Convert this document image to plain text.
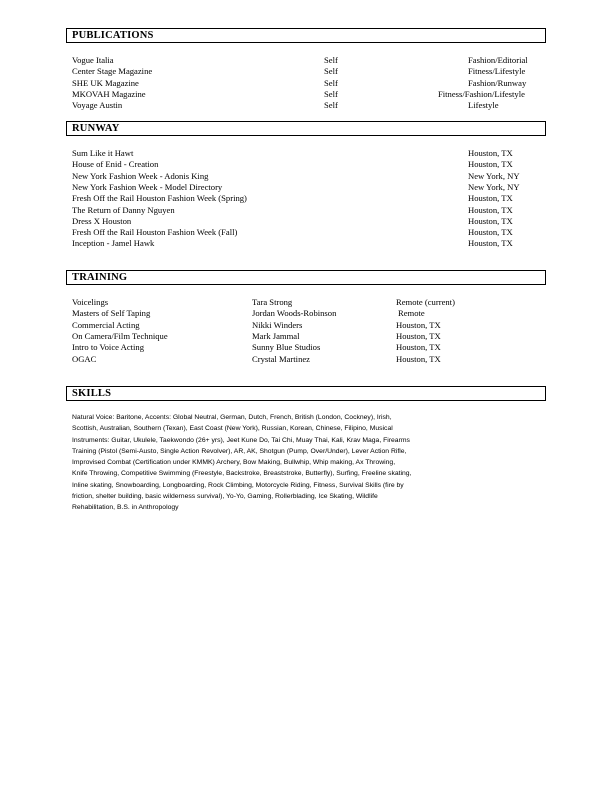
PUBLICATIONS
Vogue Italia	Self	Fashion/Editorial
Center Stage Magazine	Self	Fitness/Lifestyle
SHE UK Magazine	Self	Fashion/Runway
MKOVAH Magazine	Self	Fitness/Fashion/Lifestyle
Voyage Austin	Self	Lifestyle
RUNWAY
Sum Like it Hawt	Houston, TX
House of Enid - Creation	Houston, TX
New York Fashion Week - Adonis King	New York, NY
New York Fashion Week - Model Directory	New York, NY
Fresh Off the Rail Houston Fashion Week (Spring)	Houston, TX
The Return of Danny Nguyen	Houston, TX
Dress X Houston	Houston, TX
Fresh Off the Rail Houston Fashion Week (Fall)	Houston, TX
Inception - Jamel Hawk	Houston, TX
TRAINING
Voicelings	Tara Strong	Remote (current)
Masters of Self Taping	Jordan Woods-Robinson	Remote
Commercial Acting	Nikki Winders	Houston, TX
On Camera/Film Technique	Mark Jammal	Houston, TX
Intro to Voice Acting	Sunny Blue Studios	Houston, TX
OGAC	Crystal Martinez	Houston, TX
SKILLS
Natural Voice: Baritone, Accents: Global Neutral, German, Dutch, French, British (London, Cockney), Irish,
Scottish, Australian, Southern (Texan), East Coast (New York), Russian, Korean, Chinese, Filipino, Musical
Instruments: Guitar, Ukulele, Taekwondo (26+ yrs), Jeet Kune Do, Tai Chi, Muay Thai, Kali, Krav Maga, Firearms
Training (Pistol (Semi-Austo, Single Action Revolver), AR, AK, Shotgun (Pump, Over/Under), Lever Action Rifle,
Improvised Combat (Certification under KMMK) Archery, Bow Making, Bullwhip, Whip making, Ax Throwing,
Knife Throwing, Competitive Swimming (Freestyle, Backstroke, Breaststroke, Butterfly), Surfing, Freeline skating,
Inline skating, Snowboarding, Longboarding, Rock Climbing, Motorcycle Riding, Fitness, Survival Skills (fire by
friction, shelter building, basic wilderness survival), Yo-Yo, Gaming, Rollerblading, Ice Skating, Wildlife
Rehabilitation, B.S. in Anthropology
